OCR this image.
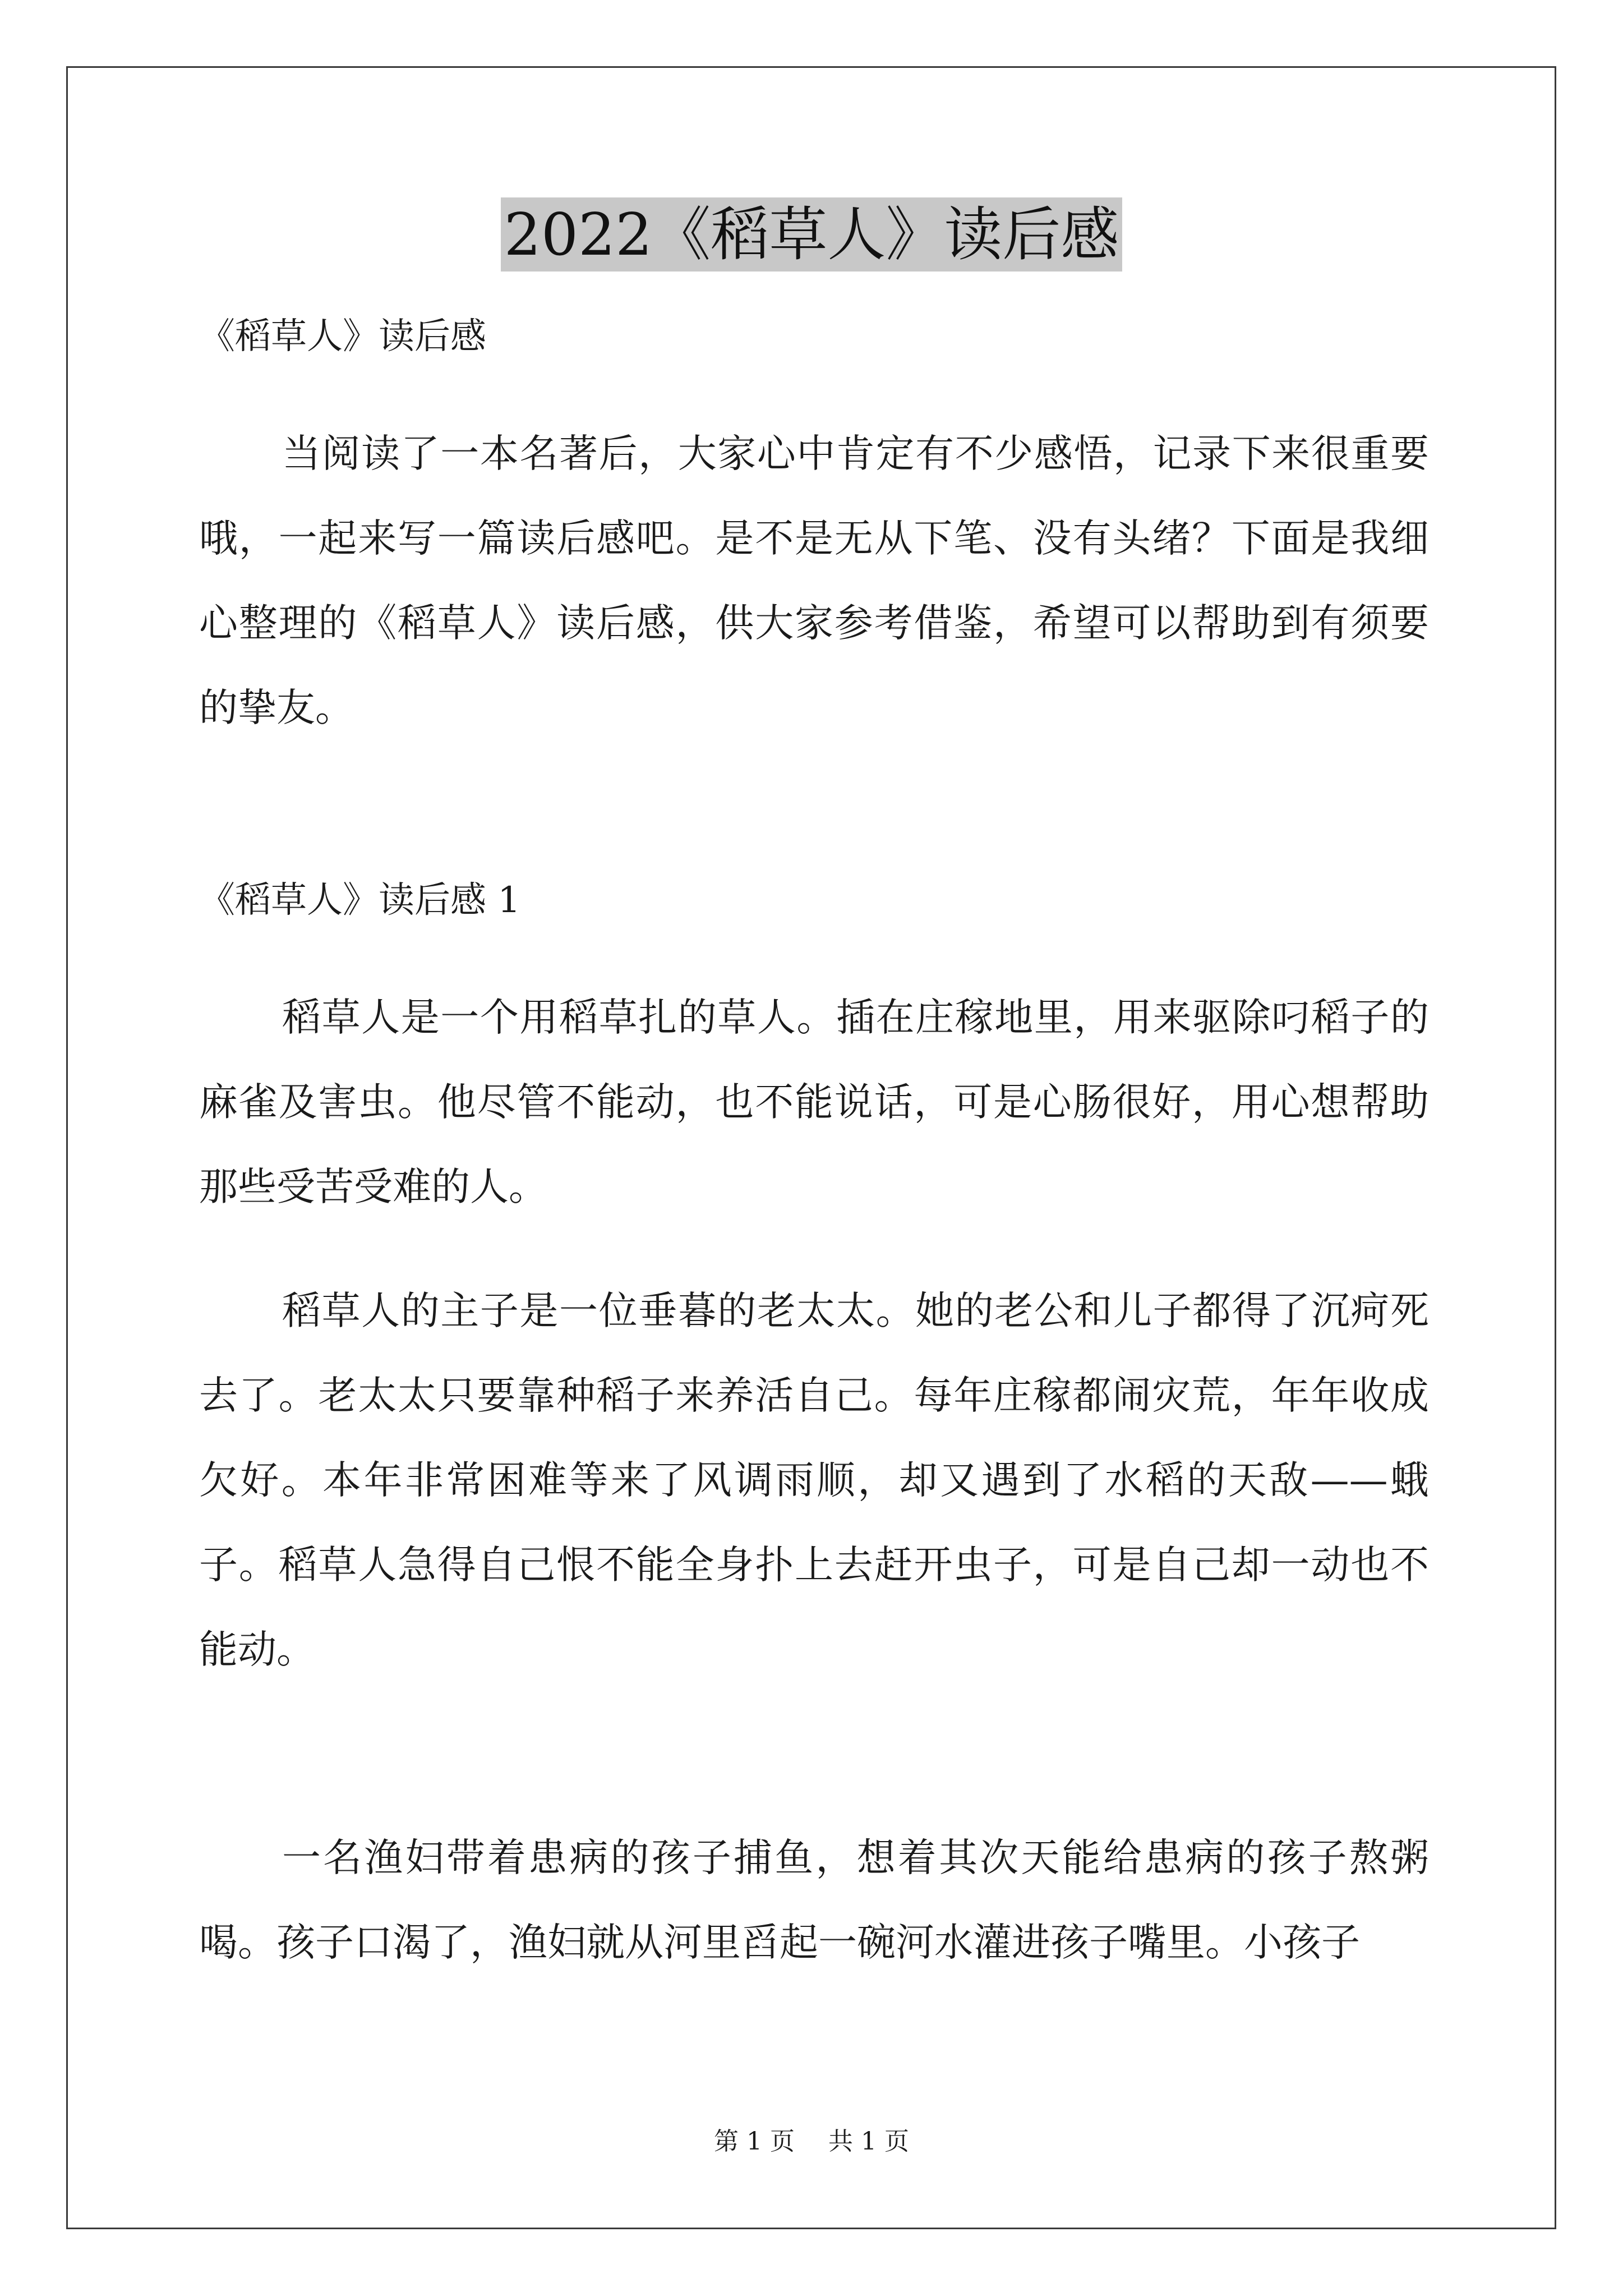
2022《稻草人》读后感
《稻草人》读后感

当阅读了一本名著后，大家心中肯定有不少感悟，记录下来很重要哦，一起来写一篇读后感吧。是不是无从下笔、没有头绪？下面是我细心整理的《稻草人》读后感，供大家参考借鉴，希望可以帮助到有须要的挚友。

《稻草人》读后感 1

稻草人是一个用稻草扎的草人。插在庄稼地里，用来驱除叼稻子的麻雀及害虫。他尽管不能动，也不能说话，可是心肠很好，用心想帮助那些受苦受难的人。

稻草人的主子是一位垂暮的老太太。她的老公和儿子都得了沉疴死去了。老太太只要靠种稻子来养活自己。每年庄稼都闹灾荒，年年收成欠好。本年非常困难等来了风调雨顺，却又遇到了水稻的天敌——蛾子。稻草人急得自己恨不能全身扑上去赶开虫子，可是自己却一动也不能动。

一名渔妇带着患病的孩子捕鱼，想着其次天能给患病的孩子熬粥喝。孩子口渴了，渔妇就从河里舀起一碗河水灌进孩子嘴里。小孩子

第 1 页 共 1 页
